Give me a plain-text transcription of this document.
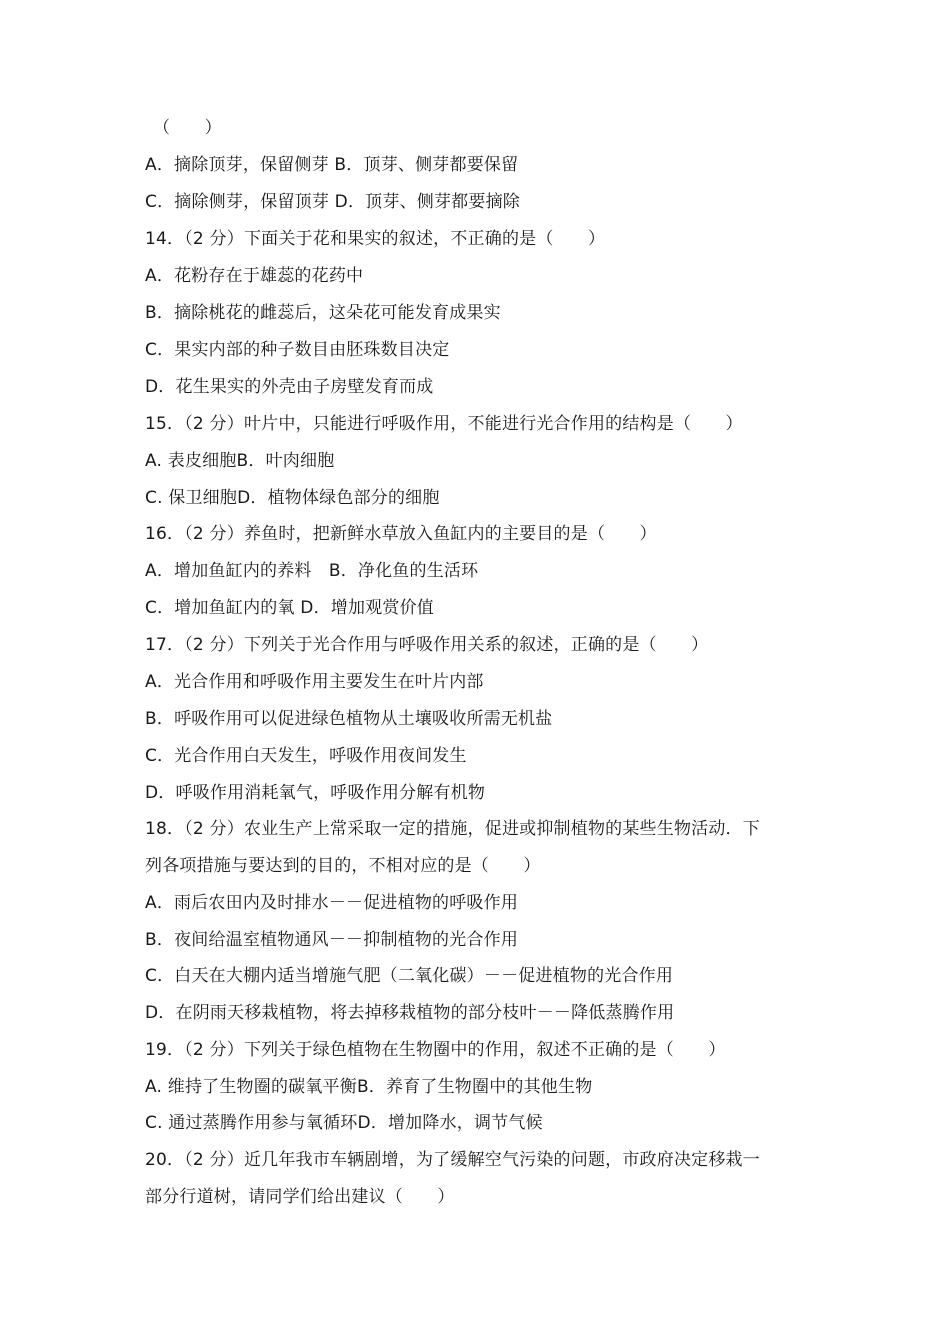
（　　）
A．摘除顶芽，保留侧芽 B．顶芽、侧芽都要保留
C．摘除侧芽，保留顶芽 D．顶芽、侧芽都要摘除
14．（2 分）下面关于花和果实的叙述，不正确的是（　　）
A．花粉存在于雄蕊的花药中
B．摘除桃花的雌蕊后，这朵花可能发育成果实
C．果实内部的种子数目由胚珠数目决定
D．花生果实的外壳由子房壁发育而成
15．（2 分）叶片中，只能进行呼吸作用，不能进行光合作用的结构是（　　）
A. 表皮细胞B．叶肉细胞
C. 保卫细胞D．植物体绿色部分的细胞
16．（2 分）养鱼时，把新鲜水草放入鱼缸内的主要目的是（　　）
A．增加鱼缸内的养料　B．净化鱼的生活环
C．增加鱼缸内的氧 D．增加观赏价值
17．（2 分）下列关于光合作用与呼吸作用关系的叙述，正确的是（　　）
A．光合作用和呼吸作用主要发生在叶片内部
B．呼吸作用可以促进绿色植物从土壤吸收所需无机盐
C．光合作用白天发生，呼吸作用夜间发生
D．呼吸作用消耗氧气，呼吸作用分解有机物
18．（2 分）农业生产上常采取一定的措施，促进或抑制植物的某些生物活动．下
列各项措施与要达到的目的，不相对应的是（　　）
A．雨后农田内及时排水－－促进植物的呼吸作用
B．夜间给温室植物通风－－抑制植物的光合作用
C．白天在大棚内适当增施气肥（二氧化碳）－－促进植物的光合作用
D．在阴雨天移栽植物，将去掉移栽植物的部分枝叶－－降低蒸腾作用
19．（2 分）下列关于绿色植物在生物圈中的作用，叙述不正确的是（　　）
A. 维持了生物圈的碳氧平衡B．养育了生物圈中的其他生物
C. 通过蒸腾作用参与氧循环D．增加降水，调节气候
20．（2 分）近几年我市车辆剧增，为了缓解空气污染的问题，市政府决定移栽一
部分行道树，请同学们给出建议（　　）
